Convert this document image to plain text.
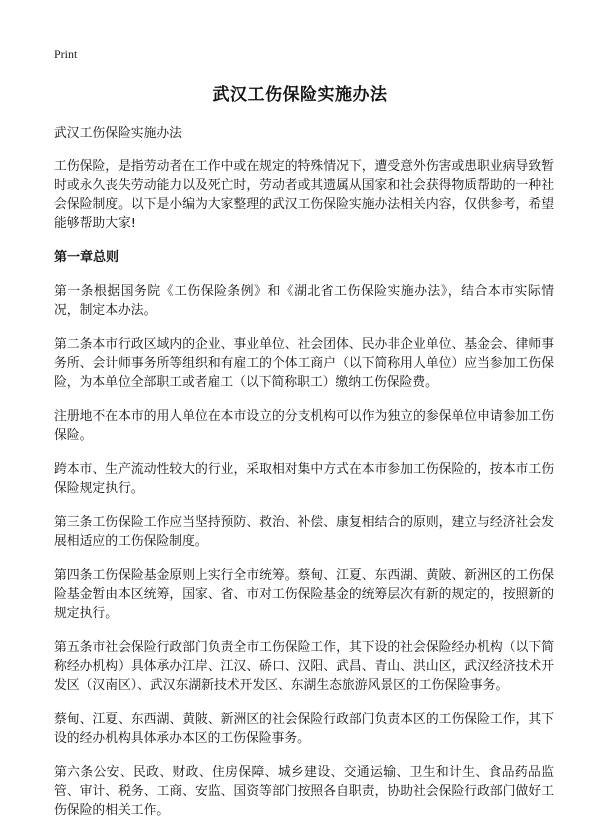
Print
武汉工伤保险实施办法

武汉工伤保险实施办法

工伤保险，是指劳动者在工作中或在规定的特殊情况下，遭受意外伤害或患职业病导致暂时或永久丧失劳动能力以及死亡时，劳动者或其遗属从国家和社会获得物质帮助的一种社会保险制度。以下是小编为大家整理的武汉工伤保险实施办法相关内容，仅供参考，希望能够帮助大家!

第一章总则

第一条根据国务院《工伤保险条例》和《湖北省工伤保险实施办法》，结合本市实际情况，制定本办法。

第二条本市行政区域内的企业、事业单位、社会团体、民办非企业单位、基金会、律师事务所、会计师事务所等组织和有雇工的个体工商户（以下简称用人单位）应当参加工伤保险，为本单位全部职工或者雇工（以下简称职工）缴纳工伤保险费。

注册地不在本市的用人单位在本市设立的分支机构可以作为独立的参保单位申请参加工伤保险。

跨本市、生产流动性较大的行业，采取相对集中方式在本市参加工伤保险的，按本市工伤保险规定执行。

第三条工伤保险工作应当坚持预防、救治、补偿、康复相结合的原则，建立与经济社会发展相适应的工伤保险制度。

第四条工伤保险基金原则上实行全市统筹。蔡甸、江夏、东西湖、黄陂、新洲区的工伤保险基金暂由本区统筹，国家、省、市对工伤保险基金的统筹层次有新的规定的，按照新的规定执行。

第五条市社会保险行政部门负责全市工伤保险工作，其下设的社会保险经办机构（以下简称经办机构）具体承办江岸、江汉、硚口、汉阳、武昌、青山、洪山区，武汉经济技术开发区（汉南区）、武汉东湖新技术开发区、东湖生态旅游风景区的工伤保险事务。

蔡甸、江夏、东西湖、黄陂、新洲区的社会保险行政部门负责本区的工伤保险工作，其下设的经办机构具体承办本区的工伤保险事务。

第六条公安、民政、财政、住房保障、城乡建设、交通运输、卫生和计生、食品药品监管、审计、税务、工商、安监、国资等部门按照各自职责，协助社会保险行政部门做好工伤保险的相关工作。
